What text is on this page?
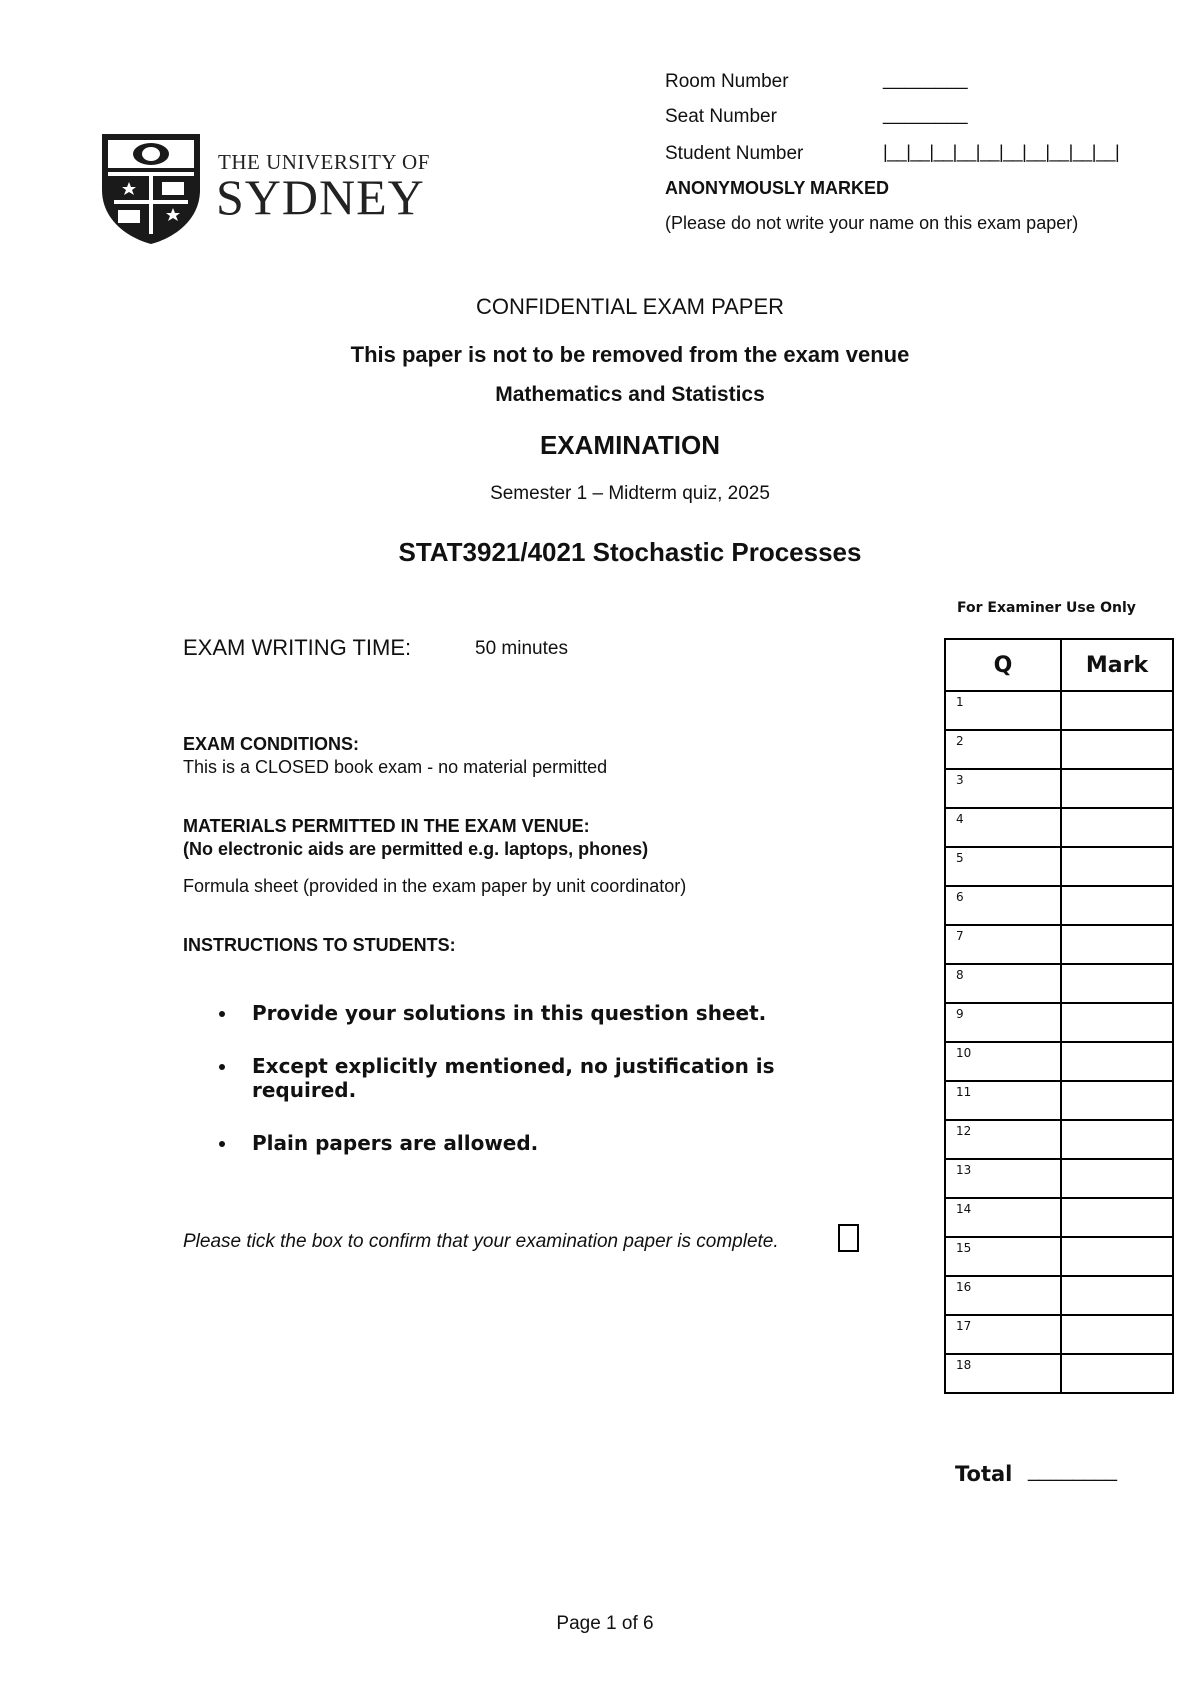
Room Number	________
Seat Number	________
Student Number	|__|__|__|__|__|__|__|__|__|__|
ANONYMOUSLY MARKED
(Please do not write your name on this exam paper)
THE UNIVERSITY OF
SYDNEY
CONFIDENTIAL EXAM PAPER
This paper is not to be removed from the exam venue
Mathematics and Statistics
EXAMINATION
Semester 1 – Midterm quiz, 2025
STAT3921/4021 Stochastic Processes
EXAM WRITING TIME:	50 minutes
EXAM CONDITIONS:
This is a CLOSED book exam - no material permitted
MATERIALS PERMITTED IN THE EXAM VENUE:
(No electronic aids are permitted e.g. laptops, phones)
Formula sheet (provided in the exam paper by unit coordinator)
INSTRUCTIONS TO STUDENTS:
• Provide your solutions in this question sheet.
• Except explicitly mentioned, no justification is required.
• Plain papers are allowed.
Please tick the box to confirm that your examination paper is complete.
For Examiner Use Only
Q	Mark
1	
2	
3	
4	
5	
6	
7	
8	
9	
10	
11	
12	
13	
14	
15	
16	
17	
18	
Total ________
Page 1 of 6
